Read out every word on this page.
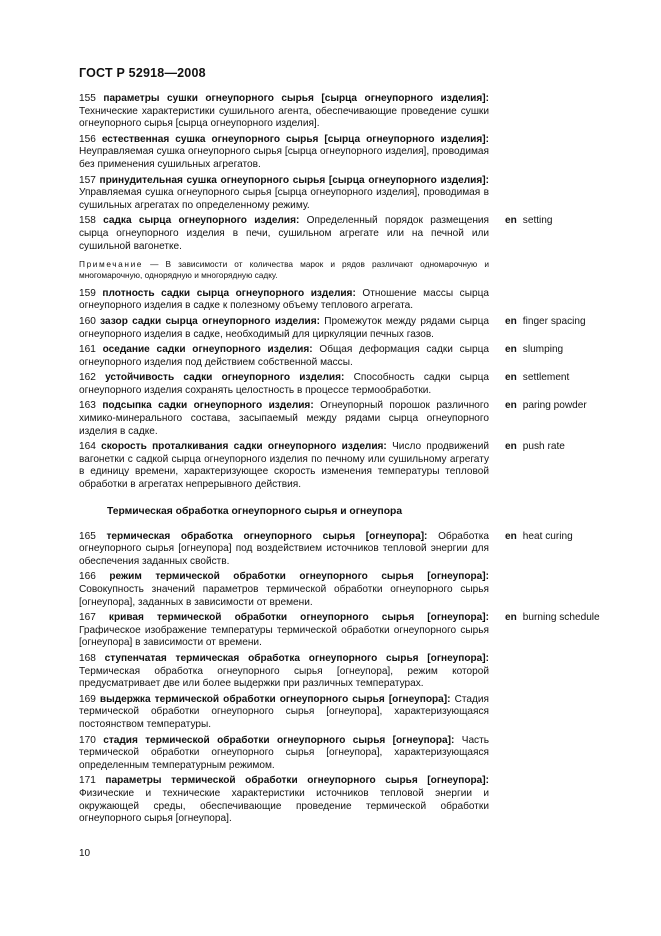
ГОСТ Р 52918—2008
155 параметры сушки огнеупорного сырья [сырца огнеупорного изделия]: Технические характеристики сушильного агента, обеспечивающие проведение сушки огнеупорного сырья [сырца огнеупорного изделия].
156 естественная сушка огнеупорного сырья [сырца огнеупорного изделия]: Неуправляемая сушка огнеупорного сырья [сырца огнеупорного изделия], проводимая без применения сушильных агрегатов.
157 принудительная сушка огнеупорного сырья [сырца огнеупорного изделия]: Управляемая сушка огнеупорного сырья [сырца огнеупорного изделия], проводимая в сушильных агрегатах по определенному режиму.
158 садка сырца огнеупорного изделия: Определенный порядок размещения сырца огнеупорного изделия в печи, сушильном агрегате или на печной или сушильной вагонетке.
en setting
Примечание — В зависимости от количества марок и рядов различают одномарочную и многомарочную, однорядную и многорядную садку.
159 плотность садки сырца огнеупорного изделия: Отношение массы сырца огнеупорного изделия в садке к полезному объему теплового агрегата.
160 зазор садки сырца огнеупорного изделия: Промежуток между рядами сырца огнеупорного изделия в садке, необходимый для циркуляции печных газов.
en finger spacing
161 оседание садки огнеупорного изделия: Общая деформация садки сырца огнеупорного изделия под действием собственной массы.
en slumping
162 устойчивость садки огнеупорного изделия: Способность садки сырца огнеупорного изделия сохранять целостность в процессе термообработки.
en settlement
163 подсыпка садки огнеупорного изделия: Огнеупорный порошок различного химико-минерального состава, засыпаемый между рядами сырца огнеупорного изделия в садке.
en paring powder
164 скорость проталкивания садки огнеупорного изделия: Число продвижений вагонетки с садкой сырца огнеупорного изделия по печному или сушильному агрегату в единицу времени, характеризующее скорость изменения температуры тепловой обработки в агрегатах непрерывного действия.
en push rate
Термическая обработка огнеупорного сырья и огнеупора
165 термическая обработка огнеупорного сырья [огнеупора]: Обработка огнеупорного сырья [огнеупора] под воздействием источников тепловой энергии для обеспечения заданных свойств.
en heat curing
166 режим термической обработки огнеупорного сырья [огнеупора]: Совокупность значений параметров термической обработки огнеупорного сырья [огнеупора], заданных в зависимости от времени.
167 кривая термической обработки огнеупорного сырья [огнеупора]: Графическое изображение температуры термической обработки огнеупорного сырья [огнеупора] в зависимости от времени.
en burning schedule
168 ступенчатая термическая обработка огнеупорного сырья [огнеупора]: Термическая обработка огнеупорного сырья [огнеупора], режим которой предусматривает две или более выдержки при различных температурах.
169 выдержка термической обработки огнеупорного сырья [огнеупора]: Стадия термической обработки огнеупорного сырья [огнеупора], характеризующаяся постоянством температуры.
170 стадия термической обработки огнеупорного сырья [огнеупора]: Часть термической обработки огнеупорного сырья [огнеупора], характеризующаяся определенным температурным режимом.
171 параметры термической обработки огнеупорного сырья [огнеупора]: Физические и технические характеристики источников тепловой энергии и окружающей среды, обеспечивающие проведение термической обработки огнеупорного сырья [огнеупора].
10
